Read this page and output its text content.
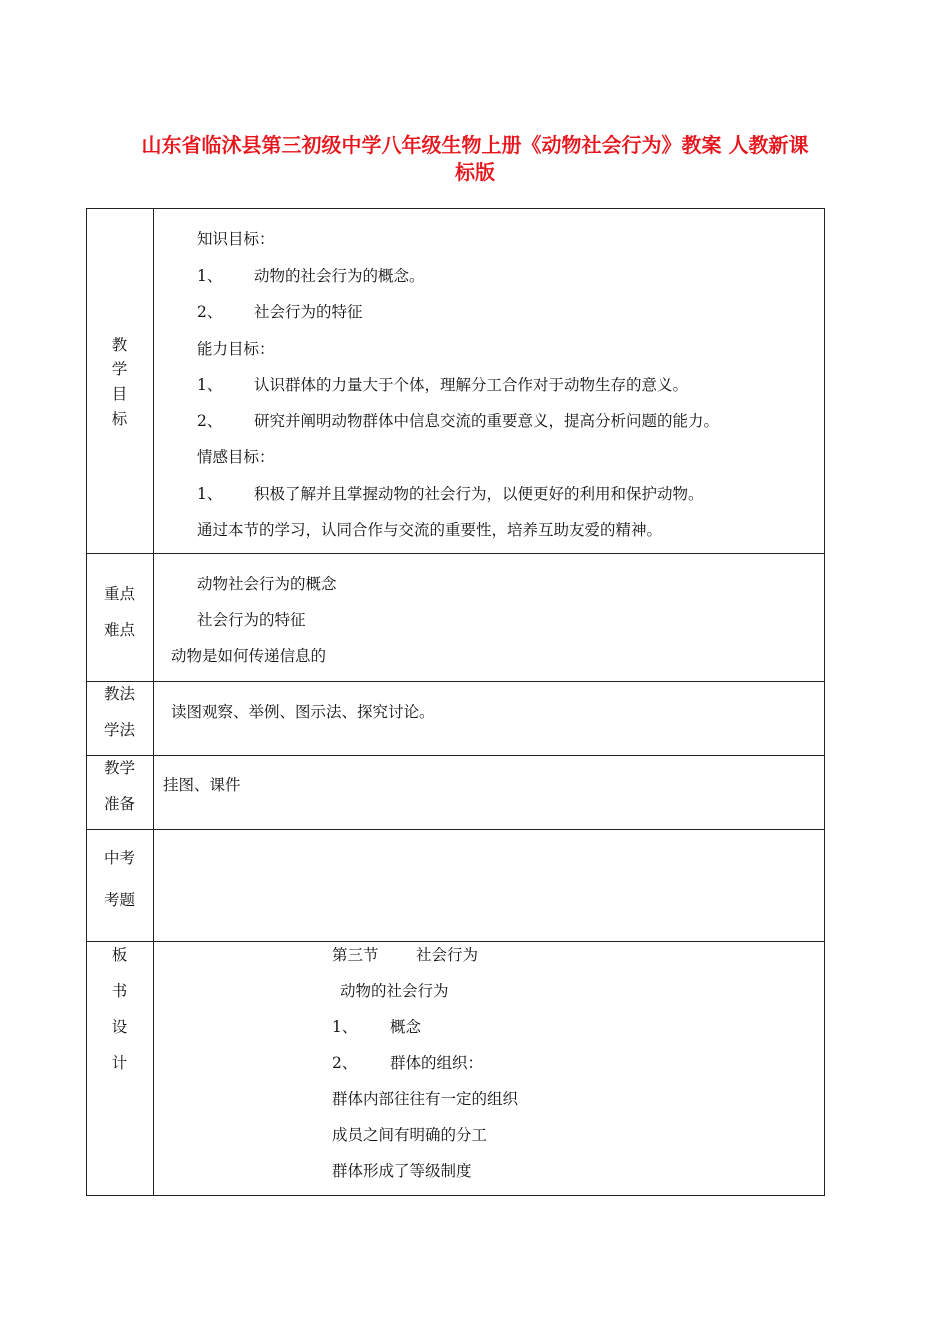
山东省临沭县第三初级中学八年级生物上册《动物社会行为》教案 人教新课
标版
教
学
目
标
知识目标：
1、 动物的社会行为的概念。
2、 社会行为的特征
能力目标：
1、 认识群体的力量大于个体，理解分工合作对于动物生存的意义。
2、 研究并阐明动物群体中信息交流的重要意义，提高分析问题的能力。
情感目标：
1、 积极了解并且掌握动物的社会行为，以便更好的利用和保护动物。
通过本节的学习，认同合作与交流的重要性，培养互助友爱的精神。
重点
难点
动物社会行为的概念
社会行为的特征
动物是如何传递信息的
教法
学法
读图观察、举例、图示法、探究讨论。
教学
准备
挂图、课件
中考
考题
板
书
设
计
第三节 社会行为
动物的社会行为
1、 概念
2、 群体的组织：
群体内部往往有一定的组织
成员之间有明确的分工
群体形成了等级制度
